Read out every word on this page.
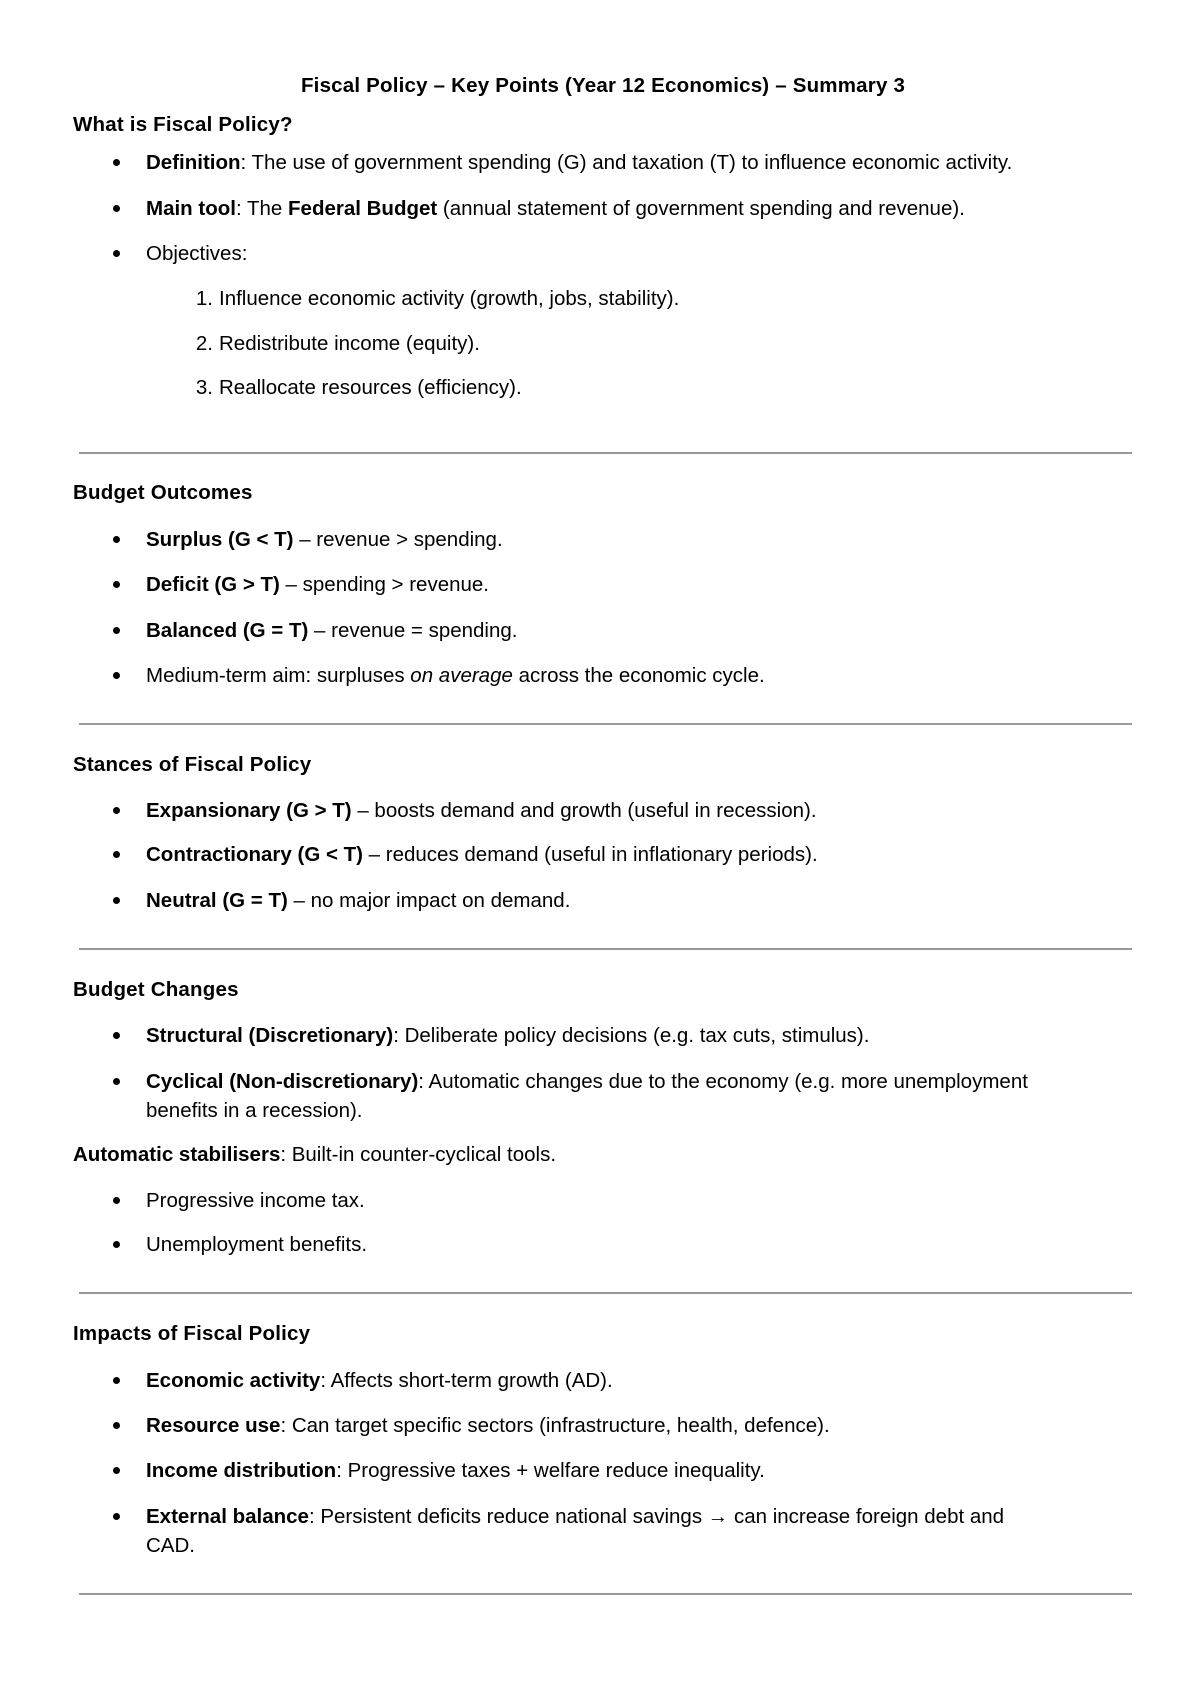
Fiscal Policy – Key Points (Year 12 Economics) – Summary 3
What is Fiscal Policy?
Definition: The use of government spending (G) and taxation (T) to influence economic activity.
Main tool: The Federal Budget (annual statement of government spending and revenue).
Objectives:
1. Influence economic activity (growth, jobs, stability).
2. Redistribute income (equity).
3. Reallocate resources (efficiency).
Budget Outcomes
Surplus (G < T) – revenue > spending.
Deficit (G > T) – spending > revenue.
Balanced (G = T) – revenue = spending.
Medium-term aim: surpluses on average across the economic cycle.
Stances of Fiscal Policy
Expansionary (G > T) – boosts demand and growth (useful in recession).
Contractionary (G < T) – reduces demand (useful in inflationary periods).
Neutral (G = T) – no major impact on demand.
Budget Changes
Structural (Discretionary): Deliberate policy decisions (e.g. tax cuts, stimulus).
Cyclical (Non-discretionary): Automatic changes due to the economy (e.g. more unemployment
benefits in a recession).
Automatic stabilisers: Built-in counter-cyclical tools.
Progressive income tax.
Unemployment benefits.
Impacts of Fiscal Policy
Economic activity: Affects short-term growth (AD).
Resource use: Can target specific sectors (infrastructure, health, defence).
Income distribution: Progressive taxes + welfare reduce inequality.
External balance: Persistent deficits reduce national savings → can increase foreign debt and
CAD.
